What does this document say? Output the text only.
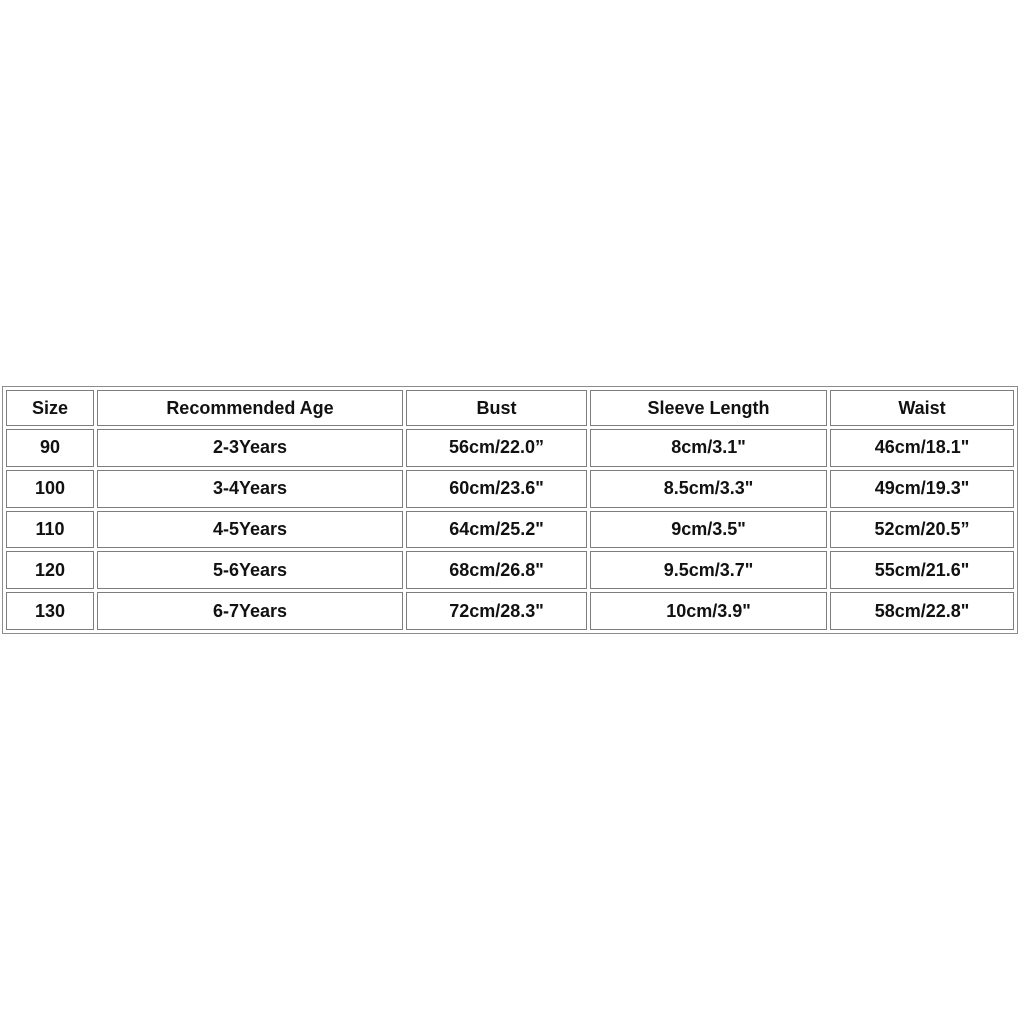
Size	Recommended Age	Bust	Sleeve Length	Waist
90	2-3Years	56cm/22.0”	8cm/3.1"	46cm/18.1"
100	3-4Years	60cm/23.6"	8.5cm/3.3"	49cm/19.3"
110	4-5Years	64cm/25.2"	9cm/3.5"	52cm/20.5”
120	5-6Years	68cm/26.8"	9.5cm/3.7"	55cm/21.6"
130	6-7Years	72cm/28.3"	10cm/3.9"	58cm/22.8"
